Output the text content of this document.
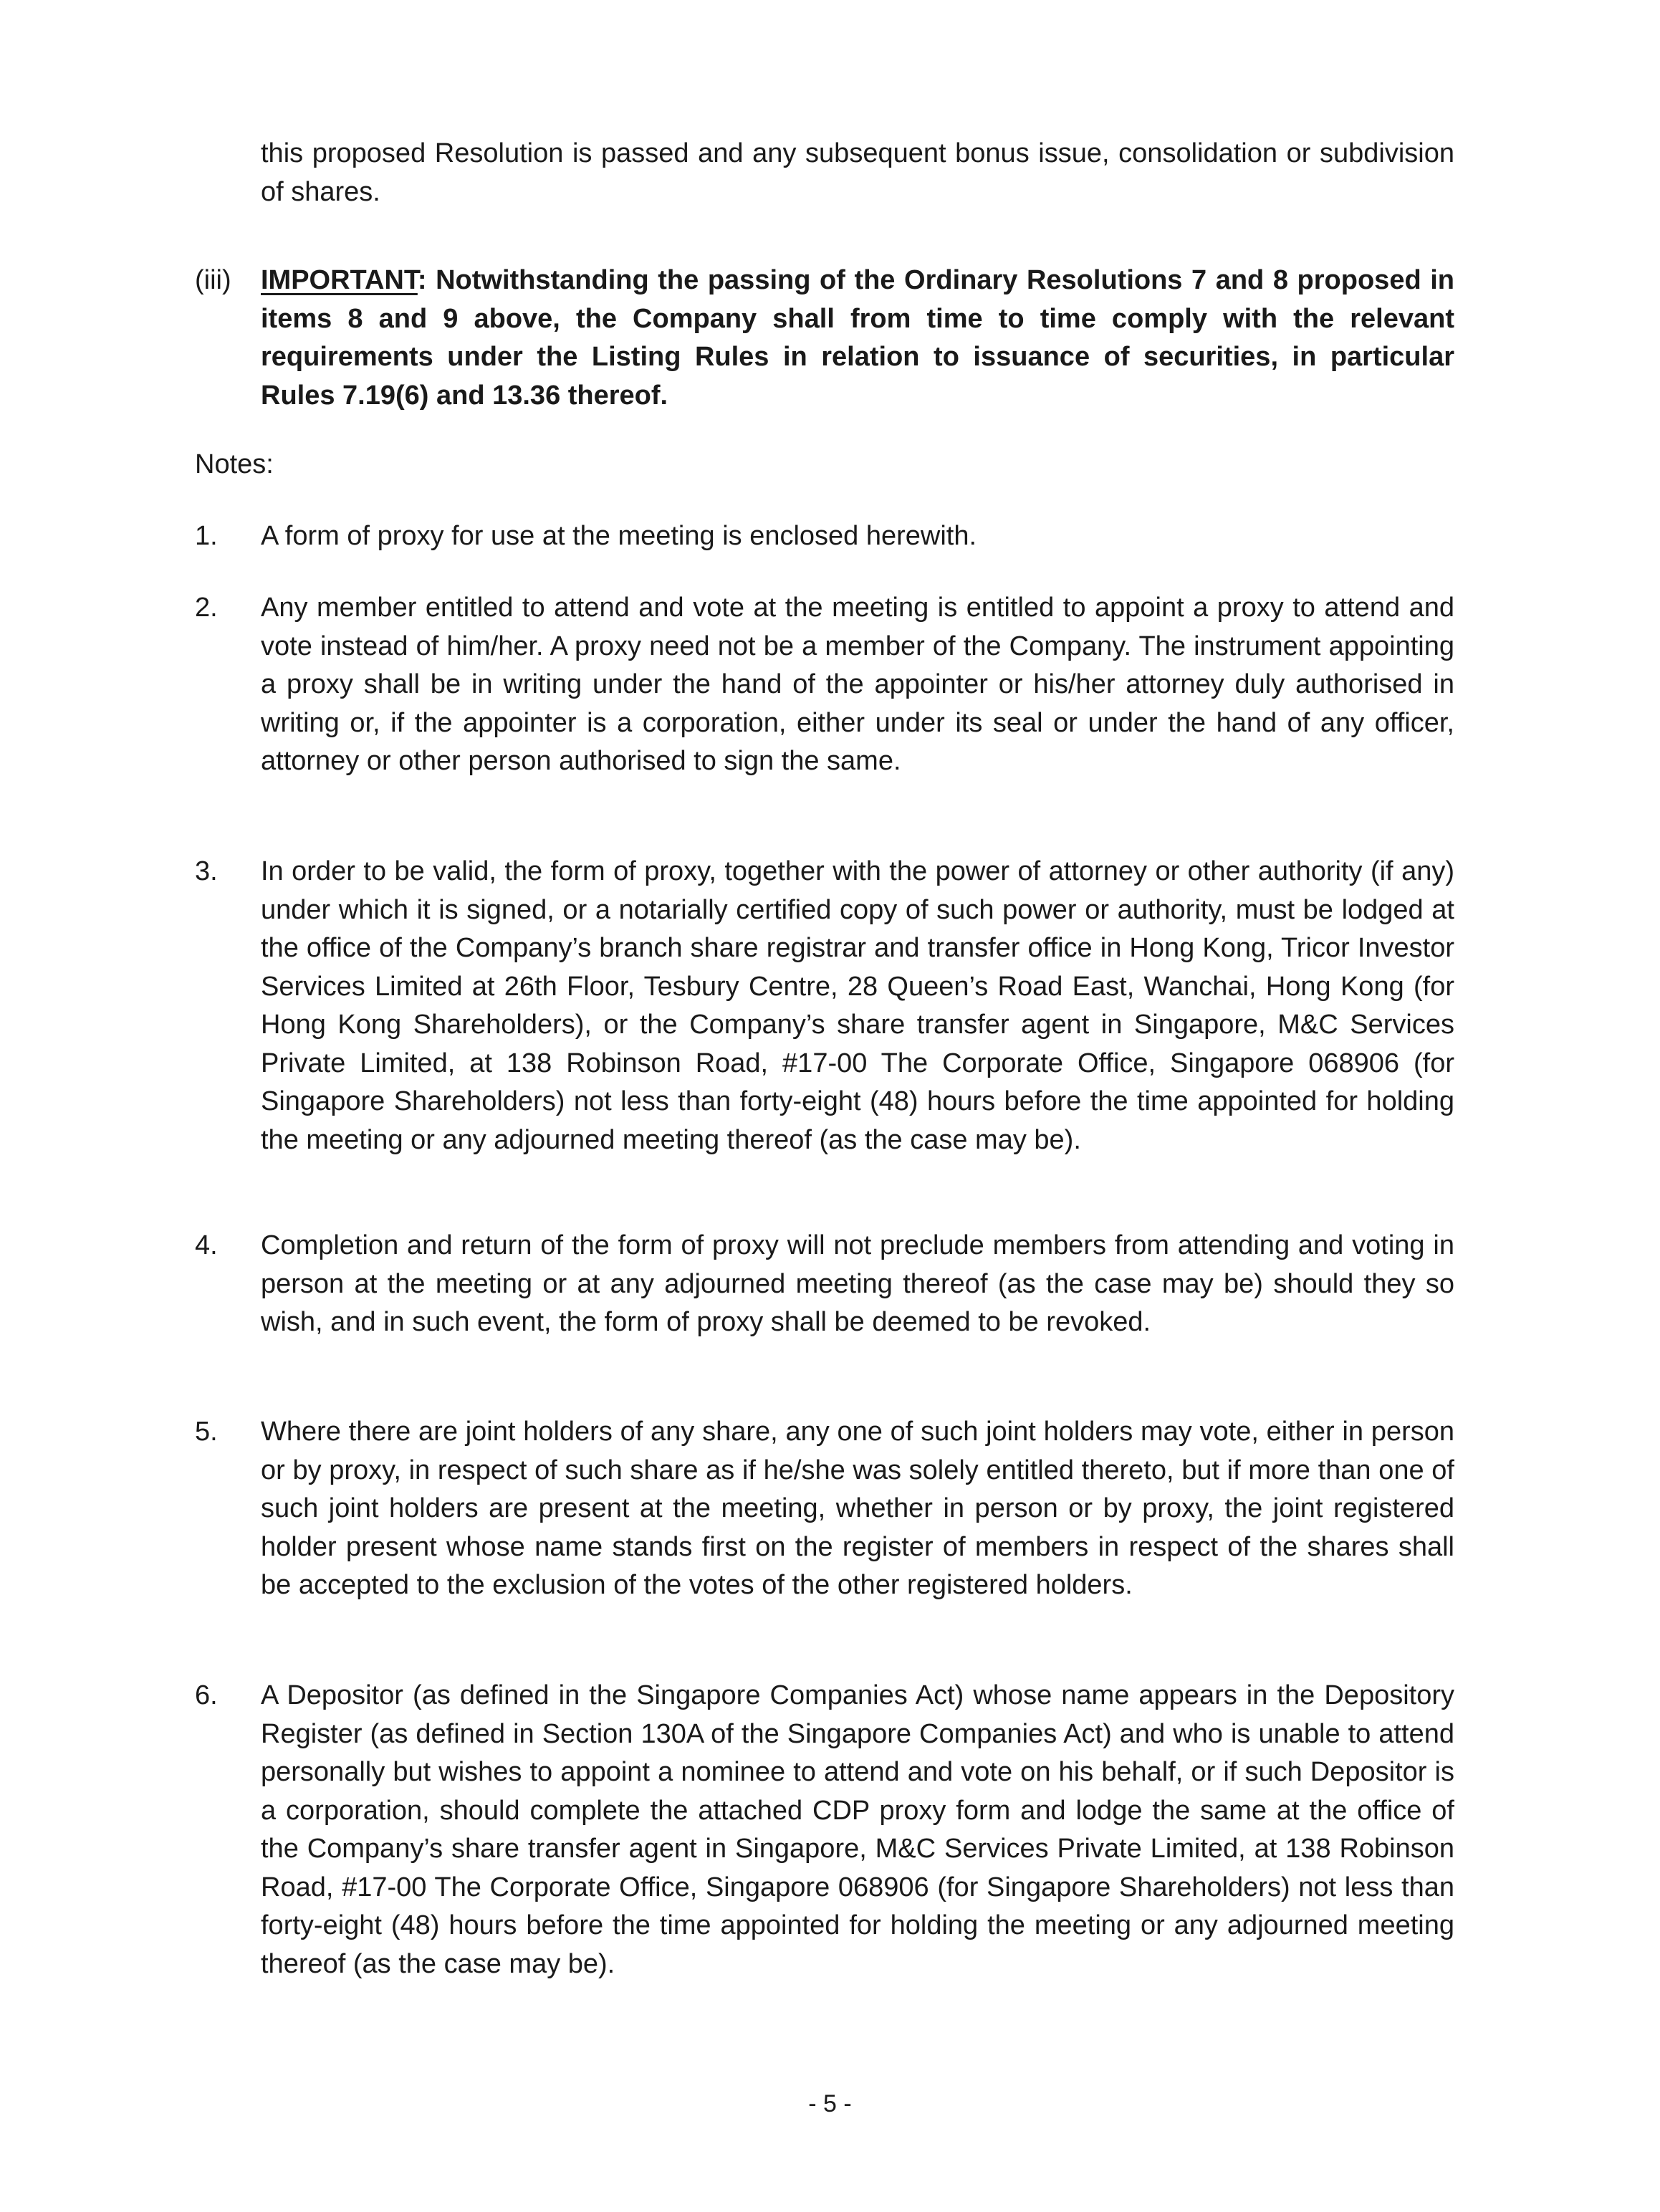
this proposed Resolution is passed and any subsequent bonus issue, consolidation or subdivision of shares.
(iii) IMPORTANT: Notwithstanding the passing of the Ordinary Resolutions 7 and 8 proposed in items 8 and 9 above, the Company shall from time to time comply with the relevant requirements under the Listing Rules in relation to issuance of securities, in particular Rules 7.19(6) and 13.36 thereof.
Notes:
1. A form of proxy for use at the meeting is enclosed herewith.
2. Any member entitled to attend and vote at the meeting is entitled to appoint a proxy to attend and vote instead of him/her. A proxy need not be a member of the Company. The instrument appointing a proxy shall be in writing under the hand of the appointer or his/her attorney duly authorised in writing or, if the appointer is a corporation, either under its seal or under the hand of any officer, attorney or other person authorised to sign the same.
3. In order to be valid, the form of proxy, together with the power of attorney or other authority (if any) under which it is signed, or a notarially certified copy of such power or authority, must be lodged at the office of the Company’s branch share registrar and transfer office in Hong Kong, Tricor Investor Services Limited at 26th Floor, Tesbury Centre, 28 Queen’s Road East, Wanchai, Hong Kong (for Hong Kong Shareholders), or the Company’s share transfer agent in Singapore, M&C Services Private Limited, at 138 Robinson Road, #17-00 The Corporate Office, Singapore 068906 (for Singapore Shareholders) not less than forty-eight (48) hours before the time appointed for holding the meeting or any adjourned meeting thereof (as the case may be).
4. Completion and return of the form of proxy will not preclude members from attending and voting in person at the meeting or at any adjourned meeting thereof (as the case may be) should they so wish, and in such event, the form of proxy shall be deemed to be revoked.
5. Where there are joint holders of any share, any one of such joint holders may vote, either in person or by proxy, in respect of such share as if he/she was solely entitled thereto, but if more than one of such joint holders are present at the meeting, whether in person or by proxy, the joint registered holder present whose name stands first on the register of members in respect of the shares shall be accepted to the exclusion of the votes of the other registered holders.
6. A Depositor (as defined in the Singapore Companies Act) whose name appears in the Depository Register (as defined in Section 130A of the Singapore Companies Act) and who is unable to attend personally but wishes to appoint a nominee to attend and vote on his behalf, or if such Depositor is a corporation, should complete the attached CDP proxy form and lodge the same at the office of the Company’s share transfer agent in Singapore, M&C Services Private Limited, at 138 Robinson Road, #17-00 The Corporate Office, Singapore 068906 (for Singapore Shareholders) not less than forty-eight (48) hours before the time appointed for holding the meeting or any adjourned meeting thereof (as the case may be).
- 5 -
